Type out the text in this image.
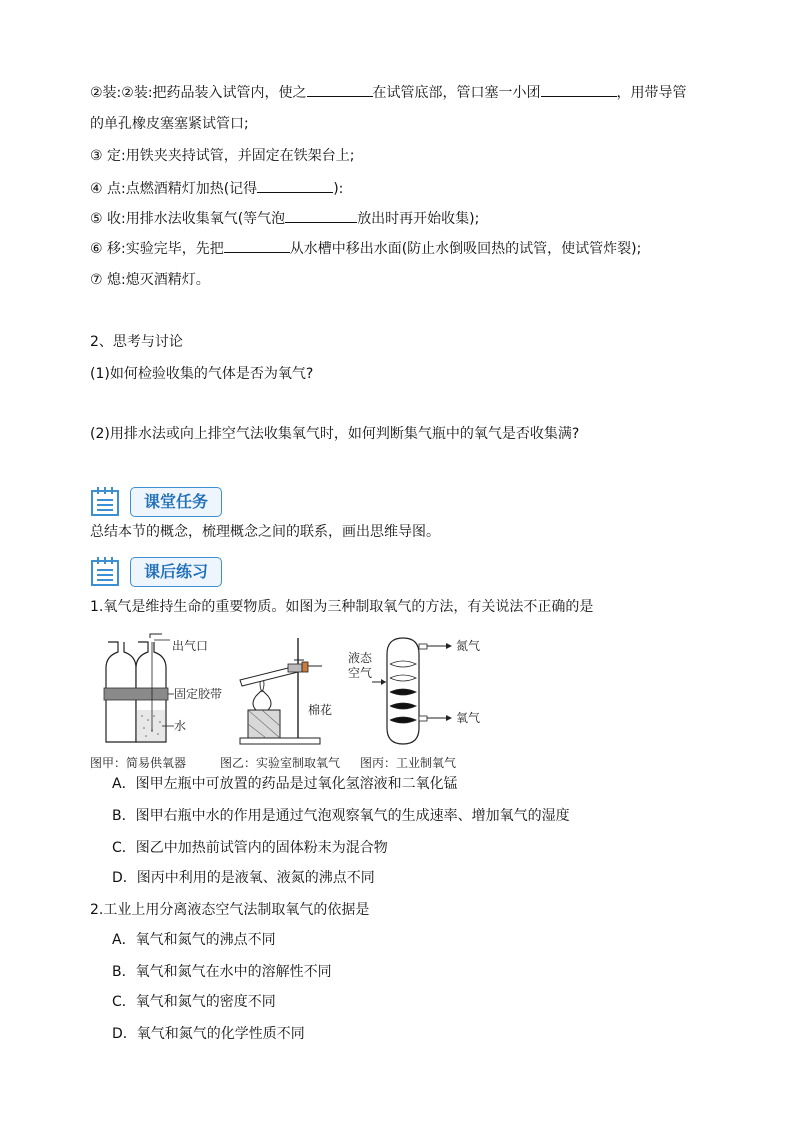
②装:②装:把药品装入试管内，使之	在试管底部，管口塞一小团	，用带导管
的单孔橡皮塞塞紧试管口;
③ 定:用铁夹夹持试管，并固定在铁架台上;
④ 点:点燃酒精灯加热(记得	):
⑤ 收:用排水法收集氧气(等气泡	放出时再开始收集);
⑥ 移:实验完毕，先把	从水槽中移出水面(防止水倒吸回热的试管，使试管炸裂);
⑦ 熄:熄灭酒精灯。
2、思考与讨论
(1)如何检验收集的气体是否为氧气?
(2)用排水法或向上排空气法收集氧气时，如何判断集气瓶中的氧气是否收集满?
课堂任务
总结本节的概念，梳理概念之间的联系，画出思维导图。
课后练习
1.氧气是维持生命的重要物质。如图为三种制取氧气的方法，有关说法不正确的是
出气口
固定胶带
水
棉花
液态
空气
氮气
氧气
图甲：简易供氧器	图乙：实验室制取氧气 图丙：工业制氧气
A．图甲左瓶中可放置的药品是过氧化氢溶液和二氧化锰
B．图甲右瓶中水的作用是通过气泡观察氧气的生成速率、增加氧气的湿度
C．图乙中加热前试管内的固体粉末为混合物
D．图丙中利用的是液氧、液氮的沸点不同
2.工业上用分离液态空气法制取氧气的依据是
A．氧气和氮气的沸点不同
B．氧气和氮气在水中的溶解性不同
C．氧气和氮气的密度不同
D．氧气和氮气的化学性质不同
